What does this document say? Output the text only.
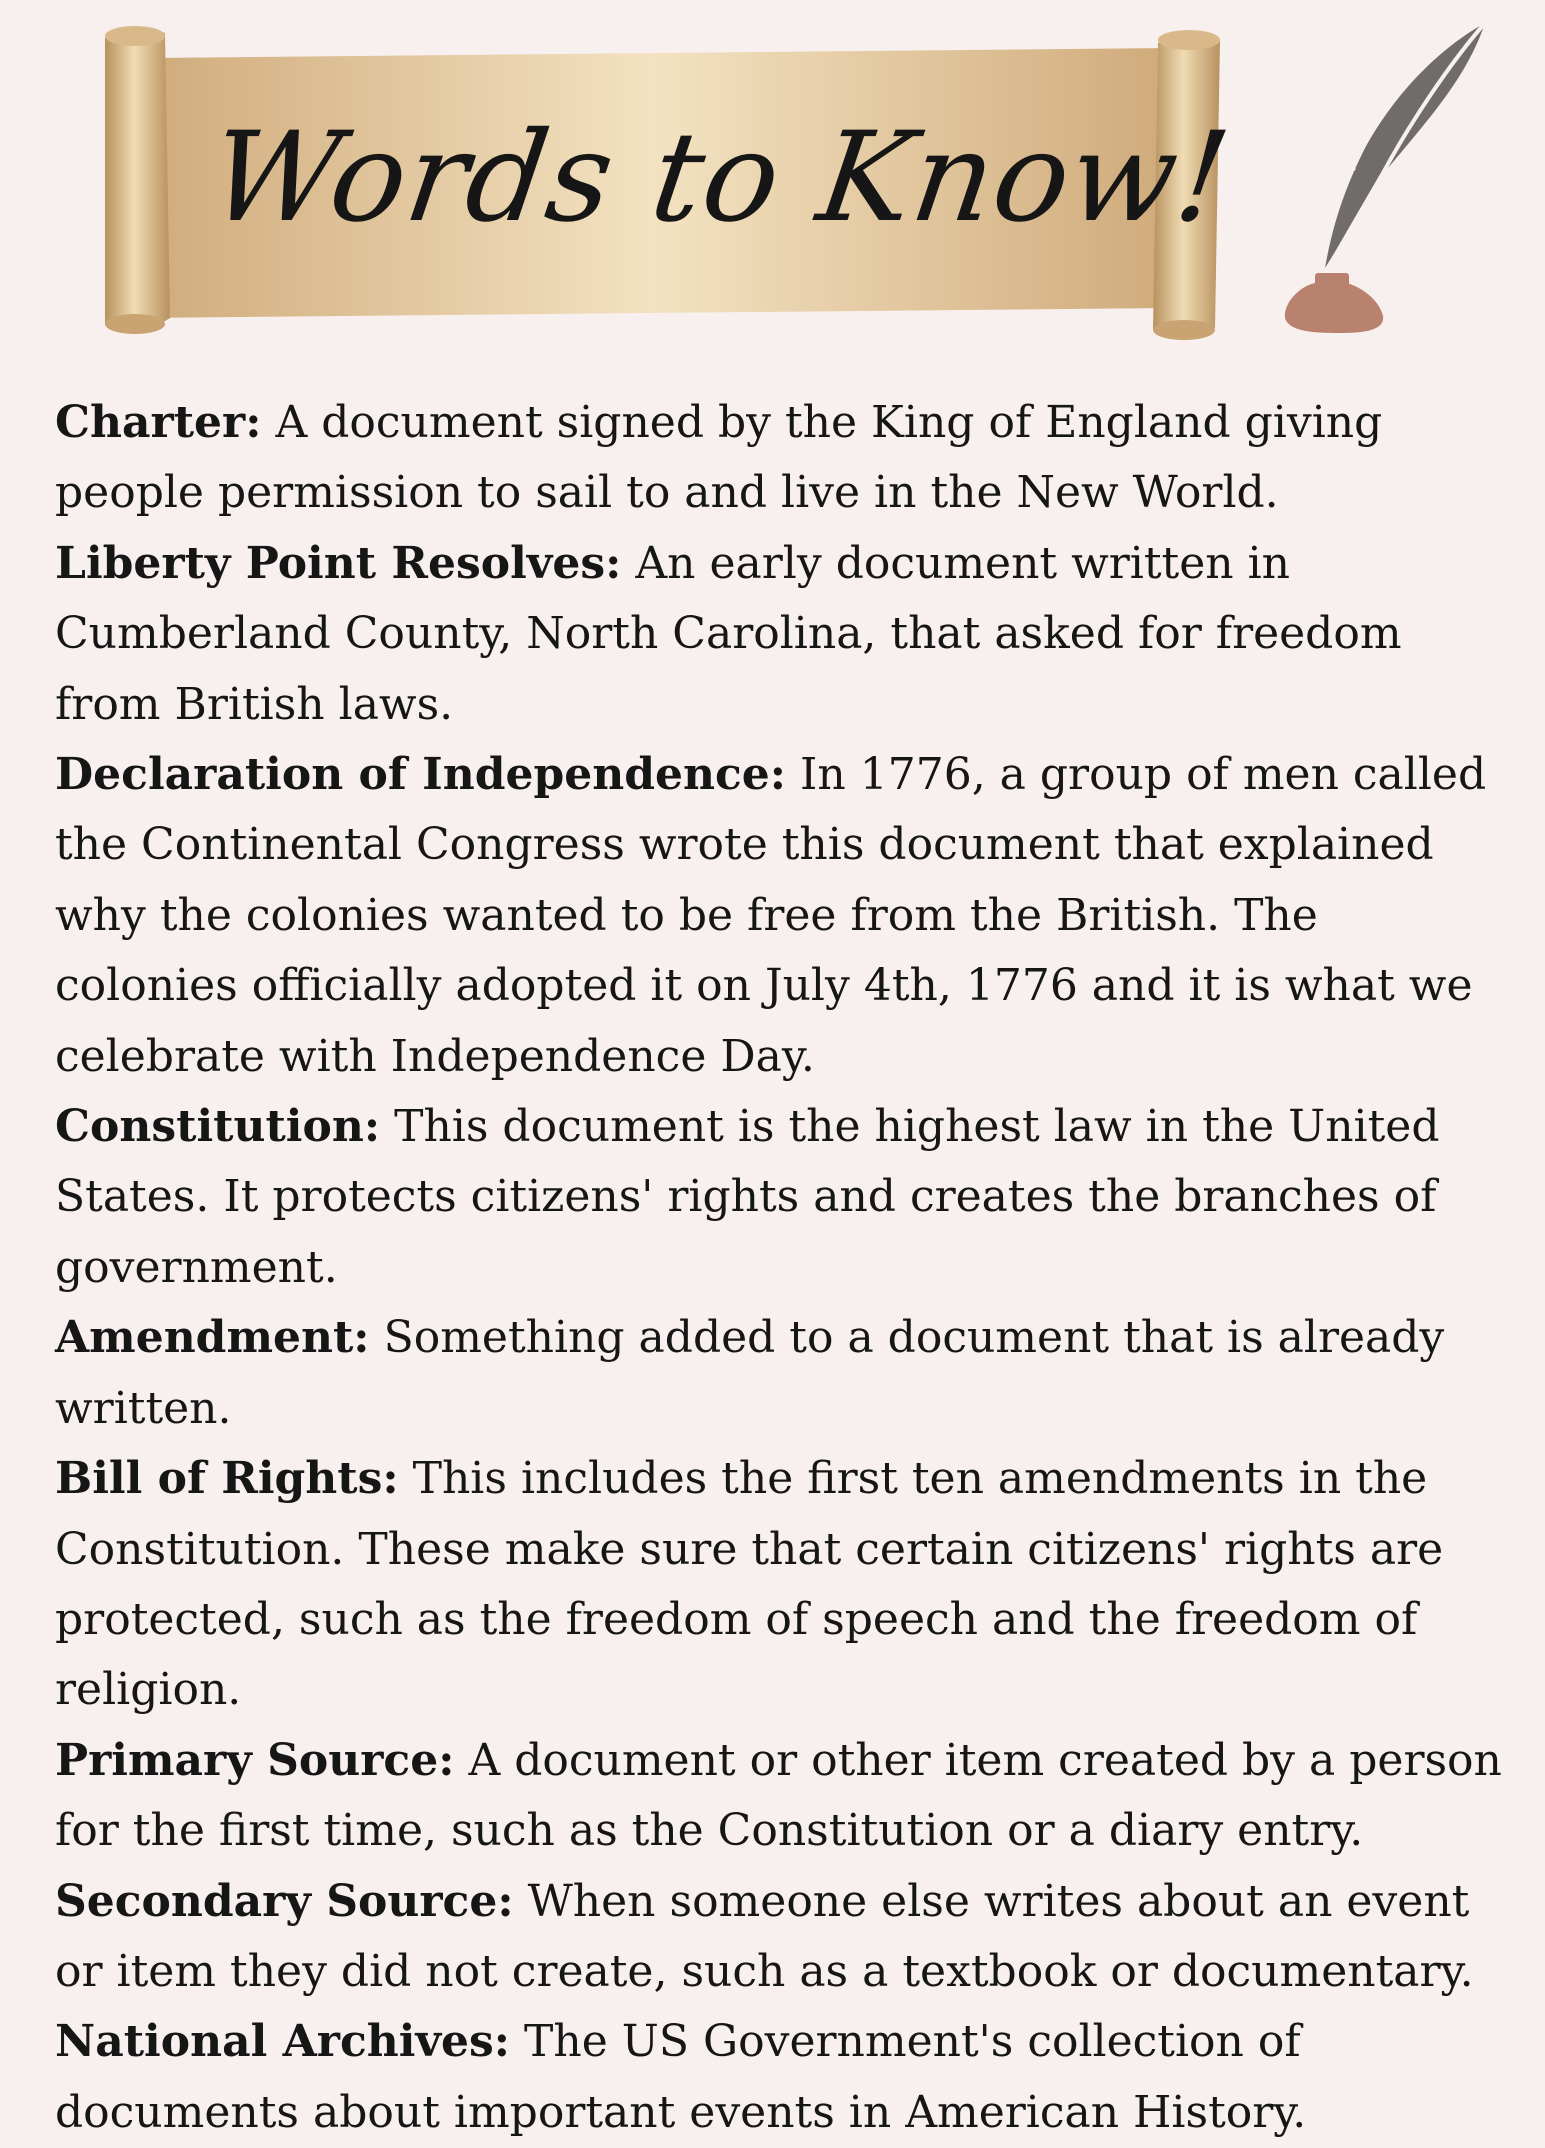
Words to Know!

Charter: A document signed by the King of England giving people permission to sail to and live in the New World.

Liberty Point Resolves: An early document written in Cumberland County, North Carolina, that asked for freedom from British laws.

Declaration of Independence: In 1776, a group of men called the Continental Congress wrote this document that explained why the colonies wanted to be free from the British. The colonies officially adopted it on July 4th, 1776 and it is what we celebrate with Independence Day.

Constitution: This document is the highest law in the United States. It protects citizens' rights and creates the branches of government.

Amendment: Something added to a document that is already written.

Bill of Rights: This includes the first ten amendments in the Constitution. These make sure that certain citizens' rights are protected, such as the freedom of speech and the freedom of religion.

Primary Source: A document or other item created by a person for the first time, such as the Constitution or a diary entry.

Secondary Source: When someone else writes about an event or item they did not create, such as a textbook or documentary.

National Archives: The US Government's collection of documents about important events in American History.
